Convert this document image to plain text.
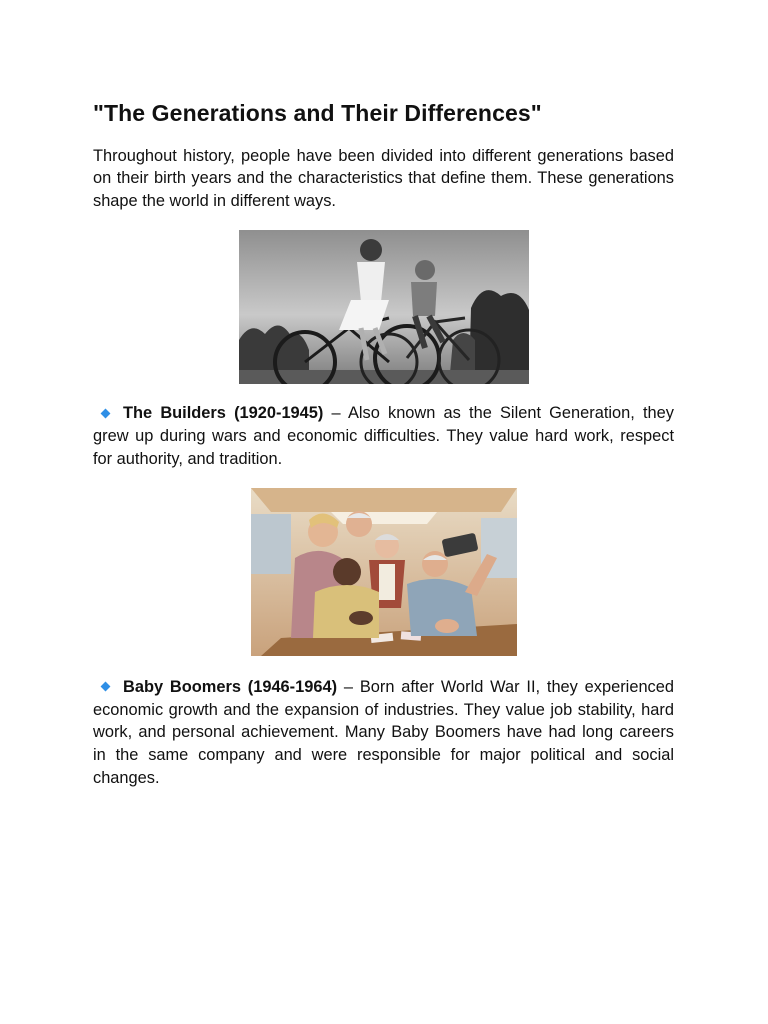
"The Generations and Their Differences"

Throughout history, people have been divided into different generations based on their birth years and the characteristics that define them. These generations shape the world in different ways.

The Builders (1920-1945) – Also known as the Silent Generation, they grew up during wars and economic difficulties. They value hard work, respect for authority, and tradition.

Baby Boomers (1946-1964) – Born after World War II, they experienced economic growth and the expansion of industries. They value job stability, hard work, and personal achievement. Many Baby Boomers have had long careers in the same company and were responsible for major political and social changes.
